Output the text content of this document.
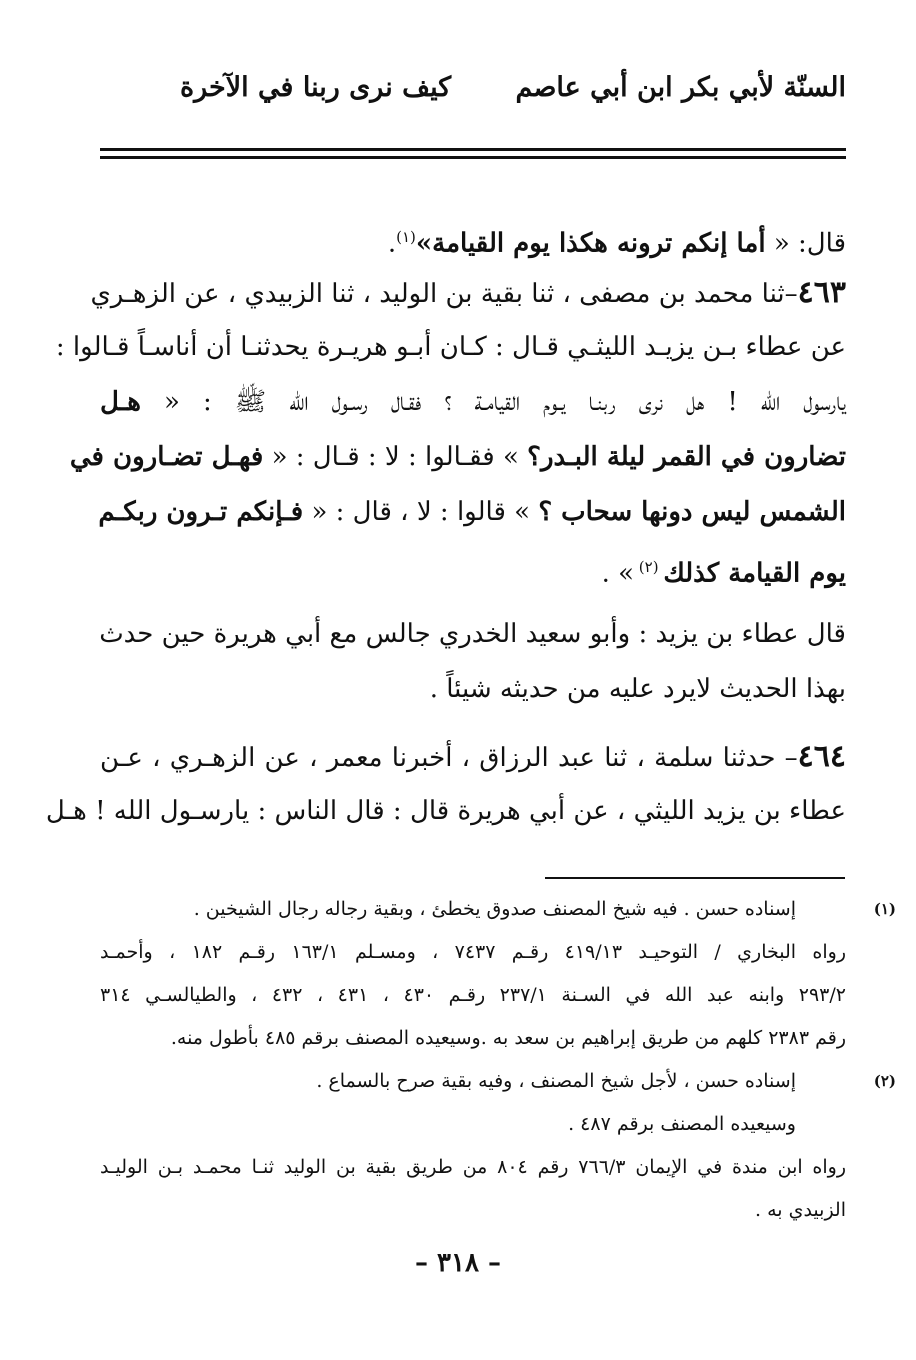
السنّة لأبي بكر ابن أبي عاصم
كيف نرى ربنا في الآخرة
قال: « أما إنكم ترونه هكذا يوم القيامة»$^{(١)}$.
٤٦٣–ثنا محمد بن مصفى ، ثنا بقية بن الوليد ، ثنا الزبيدي ، عن الزهـري
عن عطاء بـن يزيـد الليثـي قـال : كـان أبـو هريـرة يحدثنـا أن أناسـاً قـالوا :
يارسول الله ! هل نرى ربنـا يـوم القيامـة ؟ فقـال رسـول الله ﷺ : « هـل
تضارون في القمر ليلة البـدر؟ » فقـالوا : لا : قـال : « فهـل تضـارون في
الشمس ليس دونها سحاب ؟ » قالوا : لا ، قال : « فـإنكم تـرون ربكـم
يوم القيامة كذلك $^{(٢)}$ » .
قال عطاء بن يزيد : وأبو سعيد الخدري جالس مع أبي هريرة حين حدث
بهذا الحديث لايرد عليه من حديثه شيئاً .
٤٦٤– حدثنا سلمة ، ثنا عبد الرزاق ، أخبرنا معمر ، عن الزهـري ، عـن
عطاء بن يزيد الليثي ، عن أبي هريرة قال : قال الناس : يارسـول الله ! هـل
(١)
إسناده حسن . فيه شيخ المصنف صدوق يخطئ ، وبقية رجاله رجال الشيخين .
رواه البخاري / التوحيـد ٤١٩/١٣ رقـم ٧٤٣٧ ، ومسـلم ١٦٣/١ رقـم ١٨٢ ، وأحمـد
٢٩٣/٢ وابنه عبد الله في السـنة ٢٣٧/١ رقـم ٤٣٠ ، ٤٣١ ، ٤٣٢ ، والطيالسـي ٣١٤
رقم ٢٣٨٣ كلهم من طريق إبراهيم بن سعد به .وسيعيده المصنف برقم ٤٨٥ بأطول منه.
(٢)
إسناده حسن ، لأجل شيخ المصنف ، وفيه بقية صرح بالسماع .
وسيعيده المصنف برقم ٤٨٧ .
رواه ابن مندة في الإيمان ٧٦٦/٣ رقم ٨٠٤ من طريق بقية بن الوليد ثنـا محمـد بـن الوليـد
الزبيدي به .
– ٣١٨ –
